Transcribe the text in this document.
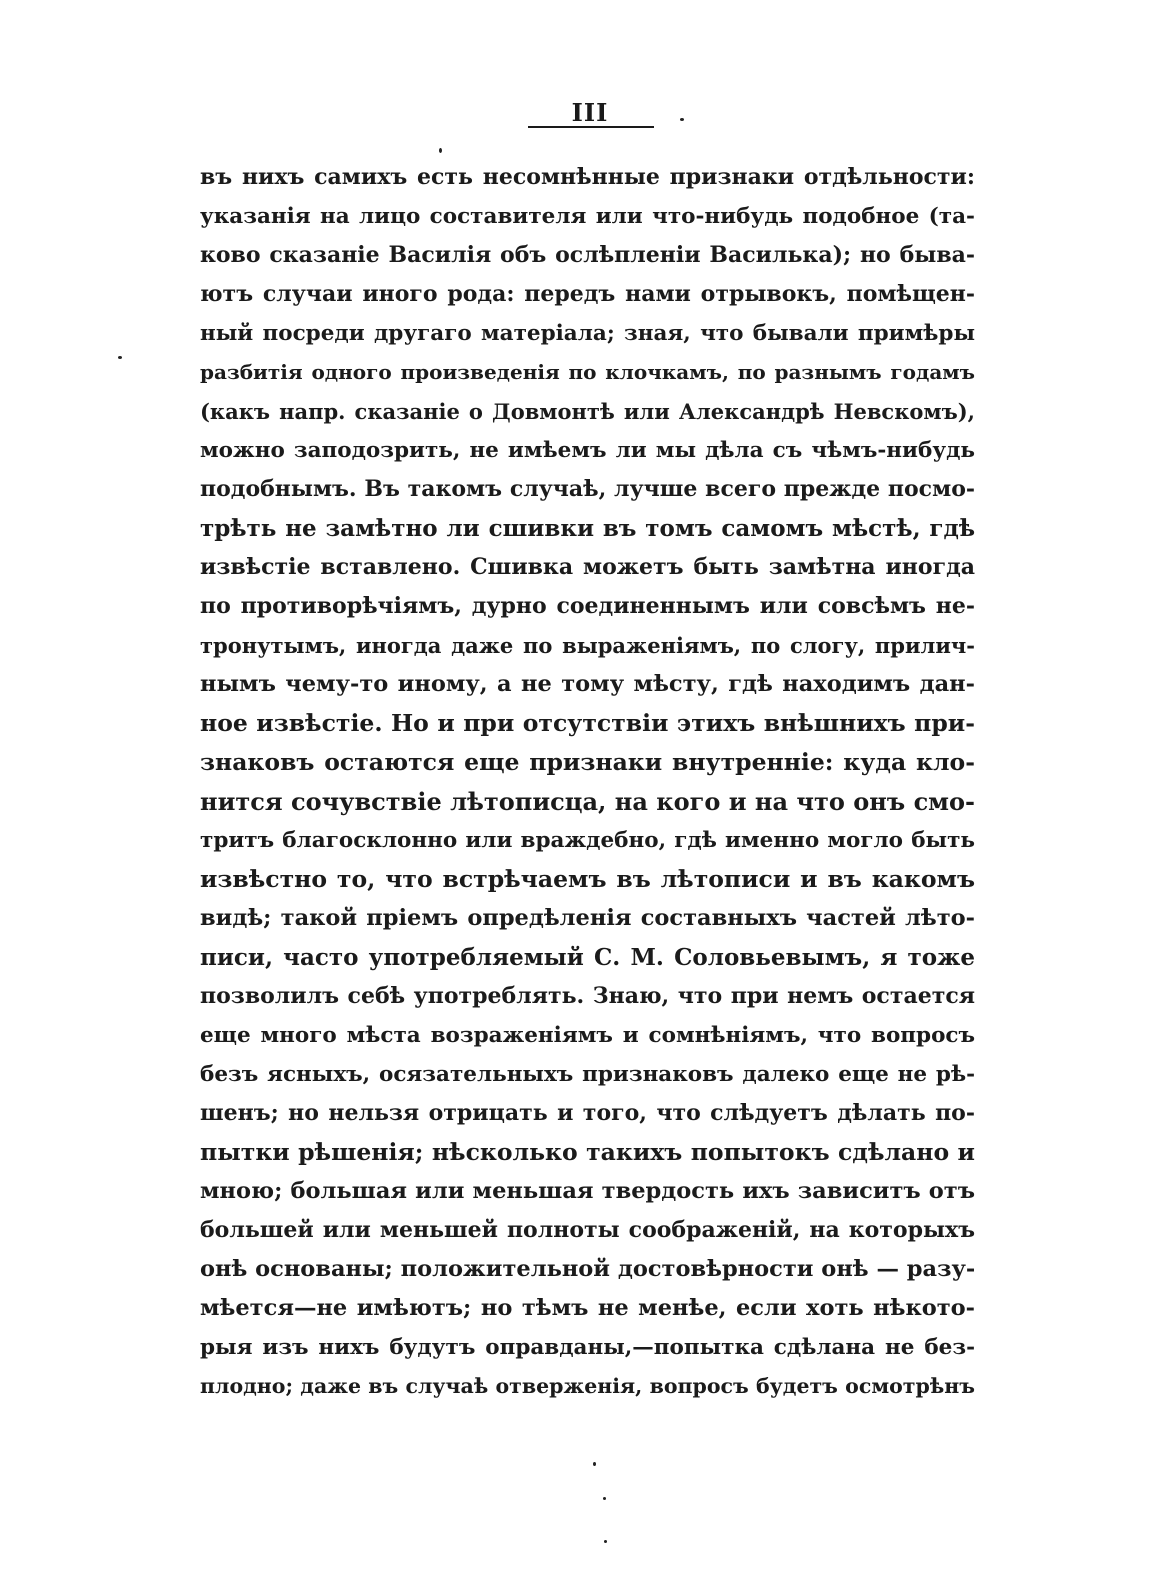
III
въ нихъ самихъ есть несомнѣнные признаки отдѣльности:
указанія на лицо составителя или что-нибудь подобное (та-
ково сказаніе Василія объ ослѣпленіи Василька); но быва-
ютъ случаи иного рода: передъ нами отрывокъ, помѣщен-
ный посреди другаго матеріала; зная, что бывали примѣры
разбитія одного произведенія по клочкамъ, по разнымъ годамъ
(какъ напр. сказаніе о Довмонтѣ или Александрѣ Невскомъ),
можно заподозрить, не имѣемъ ли мы дѣла съ чѣмъ-нибудь
подобнымъ. Въ такомъ случаѣ, лучше всего прежде посмо-
трѣть не замѣтно ли сшивки въ томъ самомъ мѣстѣ, гдѣ
извѣстіе вставлено. Сшивка можетъ быть замѣтна иногда
по противорѣчіямъ, дурно соединеннымъ или совсѣмъ не-
тронутымъ, иногда даже по выраженіямъ, по слогу, прилич-
нымъ чему-то иному, а не тому мѣсту, гдѣ находимъ дан-
ное извѣстіе. Но и при отсутствіи этихъ внѣшнихъ при-
знаковъ остаются еще признаки внутренніе: куда кло-
нится сочувствіе лѣтописца, на кого и на что онъ смо-
тритъ благосклонно или враждебно, гдѣ именно могло быть
извѣстно то, что встрѣчаемъ въ лѣтописи и въ какомъ
видѣ; такой пріемъ опредѣленія составныхъ частей лѣто-
писи, часто употребляемый С. М. Соловьевымъ, я тоже
позволилъ себѣ употреблять. Знаю, что при немъ остается
еще много мѣста возраженіямъ и сомнѣніямъ, что вопросъ
безъ ясныхъ, осязательныхъ признаковъ далеко еще не рѣ-
шенъ; но нельзя отрицать и того, что слѣдуетъ дѣлать по-
пытки рѣшенія; нѣсколько такихъ попытокъ сдѣлано и
мною; большая или меньшая твердость ихъ зависитъ отъ
большей или меньшей полноты соображеній, на которыхъ
онѣ основаны; положительной достовѣрности онѣ — разу-
мѣется—не имѣютъ; но тѣмъ не менѣе, если хоть нѣкото-
рыя изъ нихъ будутъ оправданы,—попытка сдѣлана не без-
плодно; даже въ случаѣ отверженія, вопросъ будетъ осмотрѣнъ
